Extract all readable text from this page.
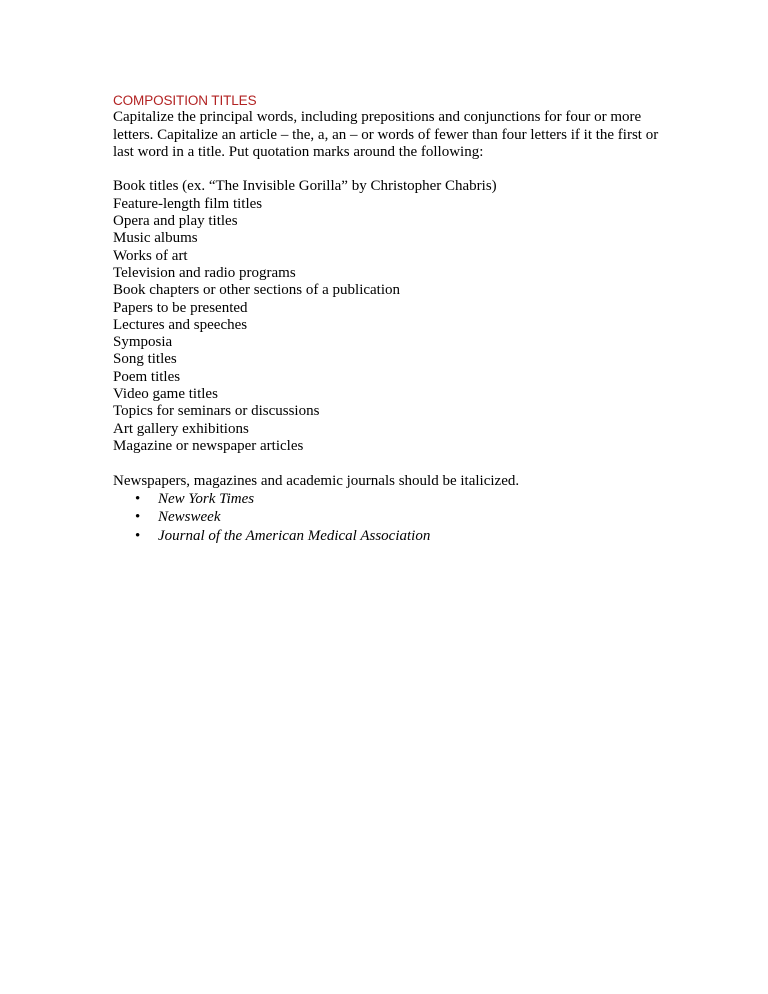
COMPOSITION TITLES

Capitalize the principal words, including prepositions and conjunctions for four or more letters. Capitalize an article – the, a, an – or words of fewer than four letters if it the first or last word in a title. Put quotation marks around the following:

Book titles (ex. “The Invisible Gorilla” by Christopher Chabris)
Feature-length film titles
Opera and play titles
Music albums
Works of art
Television and radio programs
Book chapters or other sections of a publication
Papers to be presented
Lectures and speeches
Symposia
Song titles
Poem titles
Video game titles
Topics for seminars or discussions
Art gallery exhibitions
Magazine or newspaper articles
Newspapers, magazines and academic journals should be italicized.
• New York Times
• Newsweek
• Journal of the American Medical Association
